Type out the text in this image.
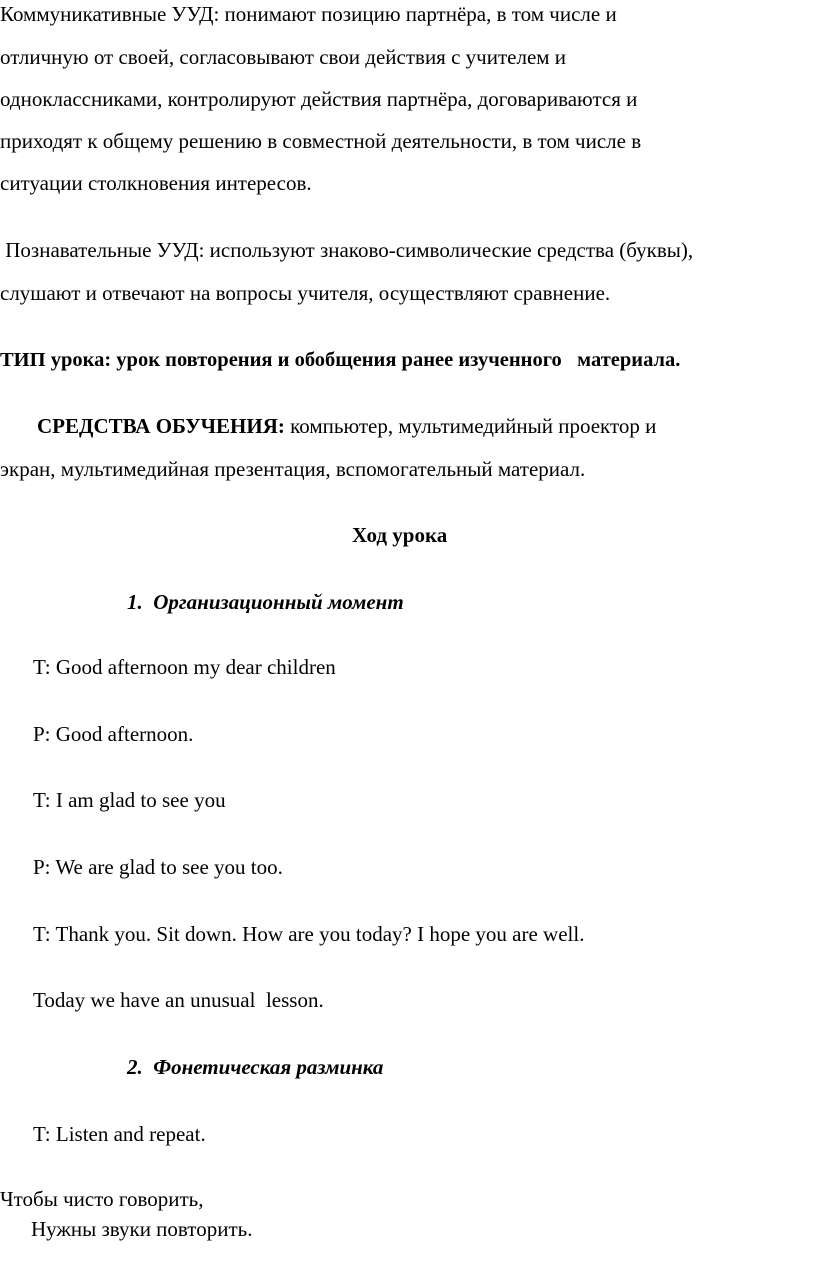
Коммуникативные УУД: понимают позицию партнёра, в том числе и
отличную от своей, согласовывают свои действия с учителем и
одноклассниками, контролируют действия партнёра, договариваются и
приходят к общему решению в совместной деятельности, в том числе в
ситуации столкновения интересов.
Познавательные УУД: используют знаково-символические средства (буквы),
слушают и отвечают на вопросы учителя, осуществляют сравнение.
ТИП урока: урок повторения и обобщения ранее изученного   материала.
СРЕДСТВА ОБУЧЕНИЯ: компьютер, мультимедийный проектор и
экран, мультимедийная презентация, вспомогательный материал.
Ход урока
1. Организационный момент
T: Good afternoon my dear children
P: Good afternoon.
T: I am glad to see you
P: We are glad to see you too.
T: Thank you. Sit down. How are you today? I hope you are well.
Today we have an unusual  lesson.
2. Фонетическая разминка
T: Listen and repeat.
Чтобы чисто говорить,
Нужны звуки повторить.
